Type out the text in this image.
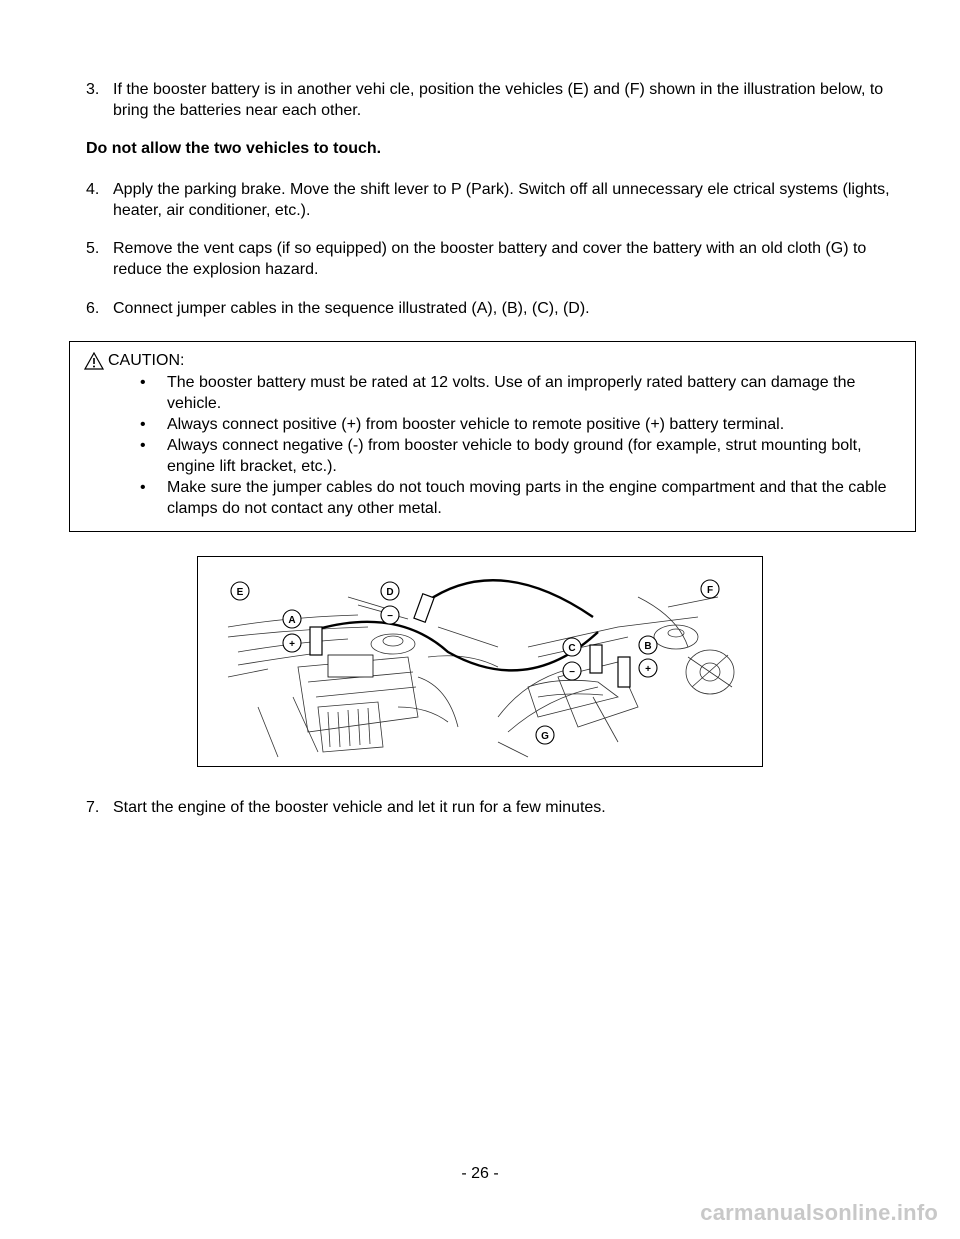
3. If the booster battery is in another vehi cle, position the vehicles (E) and (F) shown in the illustration below, to bring the batteries near each other.
Do not allow the two vehicles to touch.
4. Apply the parking brake. Move the shift lever to P (Park). Switch off all unnecessary ele ctrical systems (lights, heater, air conditioner, etc.).
5. Remove the vent caps (if so equipped) on the booster battery and cover the battery with an old cloth (G) to reduce the explosion hazard.
6. Connect jumper cables in the sequence illustrated (A), (B), (C), (D).
CAUTION:
• The booster battery must be rated at 12 volts. Use of an improperly rated battery can damage the vehicle.
• Always connect positive (+) from booster vehicle to remote positive (+) battery terminal.
• Always connect negative (-) from booster vehicle to body ground (for example, strut mounting bolt, engine lift bracket, etc.).
• Make sure the jumper cables do not touch moving parts in the engine compartment and that the cable clamps do not contact any other metal.
E	F
A
+
D
−
B
+
C
−
G
7. Start the engine of the booster vehicle and let it run for a few minutes.
- 26 -
carmanualsonline.info
